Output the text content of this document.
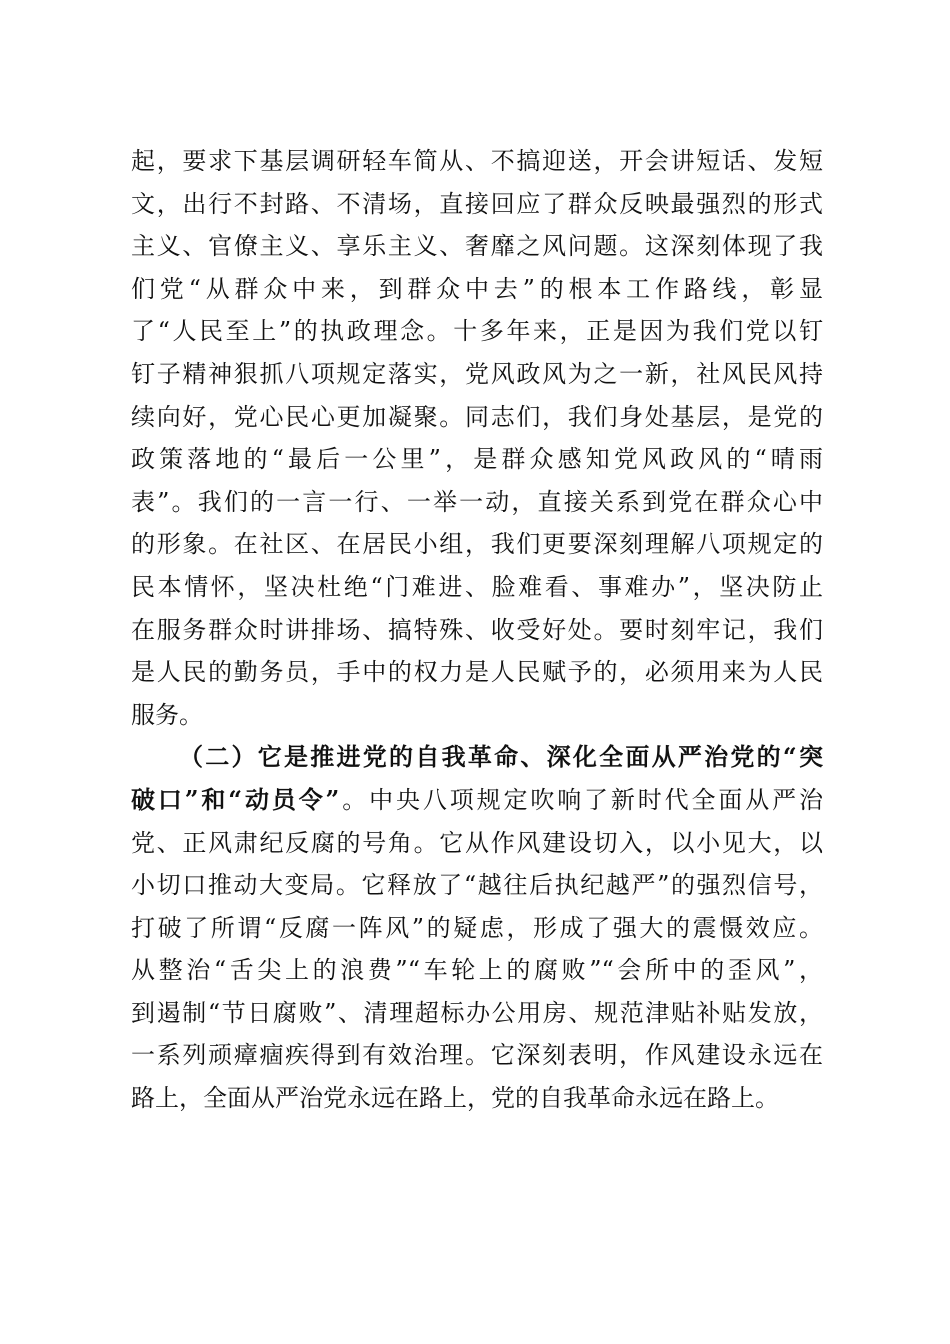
起，要求下基层调研轻车简从、不搞迎送，开会讲短话、发短
文，出行不封路、不清场，直接回应了群众反映最强烈的形式
主义、官僚主义、享乐主义、奢靡之风问题。这深刻体现了我
们党“从群众中来，到群众中去”的根本工作路线，彰显
了“人民至上”的执政理念。十多年来，正是因为我们党以钉
钉子精神狠抓八项规定落实，党风政风为之一新，社风民风持
续向好，党心民心更加凝聚。同志们，我们身处基层，是党的
政策落地的“最后一公里”，是群众感知党风政风的“晴雨
表”。我们的一言一行、一举一动，直接关系到党在群众心中
的形象。在社区、在居民小组，我们更要深刻理解八项规定的
民本情怀，坚决杜绝“门难进、脸难看、事难办”，坚决防止
在服务群众时讲排场、搞特殊、收受好处。要时刻牢记，我们
是人民的勤务员，手中的权力是人民赋予的，必须用来为人民
服务。
（二）它是推进党的自我革命、深化全面从严治党的“突
破口”和“动员令”。中央八项规定吹响了新时代全面从严治
党、正风肃纪反腐的号角。它从作风建设切入，以小见大，以
小切口推动大变局。它释放了“越往后执纪越严”的强烈信号，
打破了所谓“反腐一阵风”的疑虑，形成了强大的震慑效应。
从整治“舌尖上的浪费”“车轮上的腐败”“会所中的歪风”，
到遏制“节日腐败”、清理超标办公用房、规范津贴补贴发放，
一系列顽瘴痼疾得到有效治理。它深刻表明，作风建设永远在
路上，全面从严治党永远在路上，党的自我革命永远在路上。
